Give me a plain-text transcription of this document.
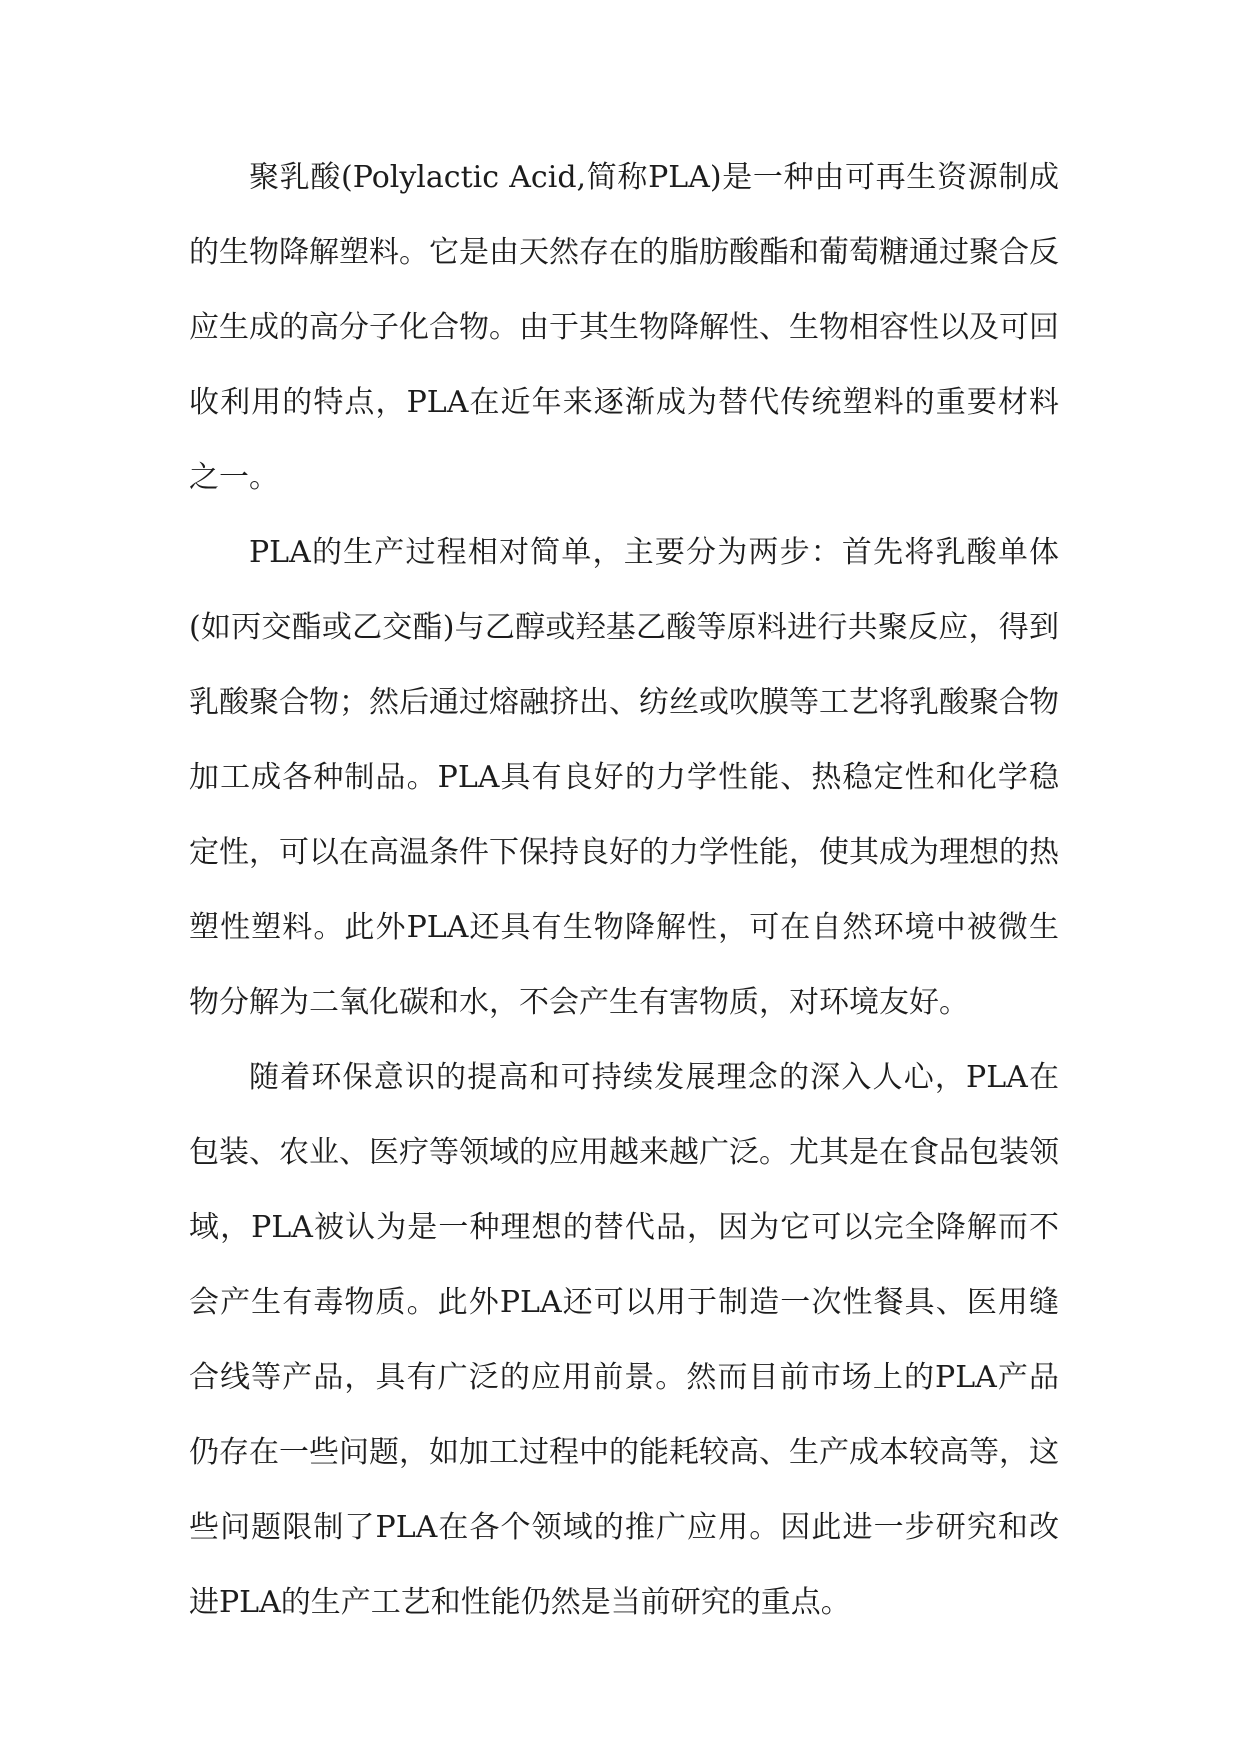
聚乳酸(Polylactic Acid,简称PLA)是一种由可再生资源制成的生物降解塑料。它是由天然存在的脂肪酸酯和葡萄糖通过聚合反应生成的高分子化合物。由于其生物降解性、生物相容性以及可回收利用的特点，PLA在近年来逐渐成为替代传统塑料的重要材料之一。

PLA的生产过程相对简单，主要分为两步：首先将乳酸单体(如丙交酯或乙交酯)与乙醇或羟基乙酸等原料进行共聚反应，得到乳酸聚合物；然后通过熔融挤出、纺丝或吹膜等工艺将乳酸聚合物加工成各种制品。PLA具有良好的力学性能、热稳定性和化学稳定性，可以在高温条件下保持良好的力学性能，使其成为理想的热塑性塑料。此外PLA还具有生物降解性，可在自然环境中被微生物分解为二氧化碳和水，不会产生有害物质，对环境友好。

随着环保意识的提高和可持续发展理念的深入人心，PLA在包装、农业、医疗等领域的应用越来越广泛。尤其是在食品包装领域，PLA被认为是一种理想的替代品，因为它可以完全降解而不会产生有毒物质。此外PLA还可以用于制造一次性餐具、医用缝合线等产品，具有广泛的应用前景。然而目前市场上的PLA产品仍存在一些问题，如加工过程中的能耗较高、生产成本较高等，这些问题限制了PLA在各个领域的推广应用。因此进一步研究和改进PLA的生产工艺和性能仍然是当前研究的重点。
